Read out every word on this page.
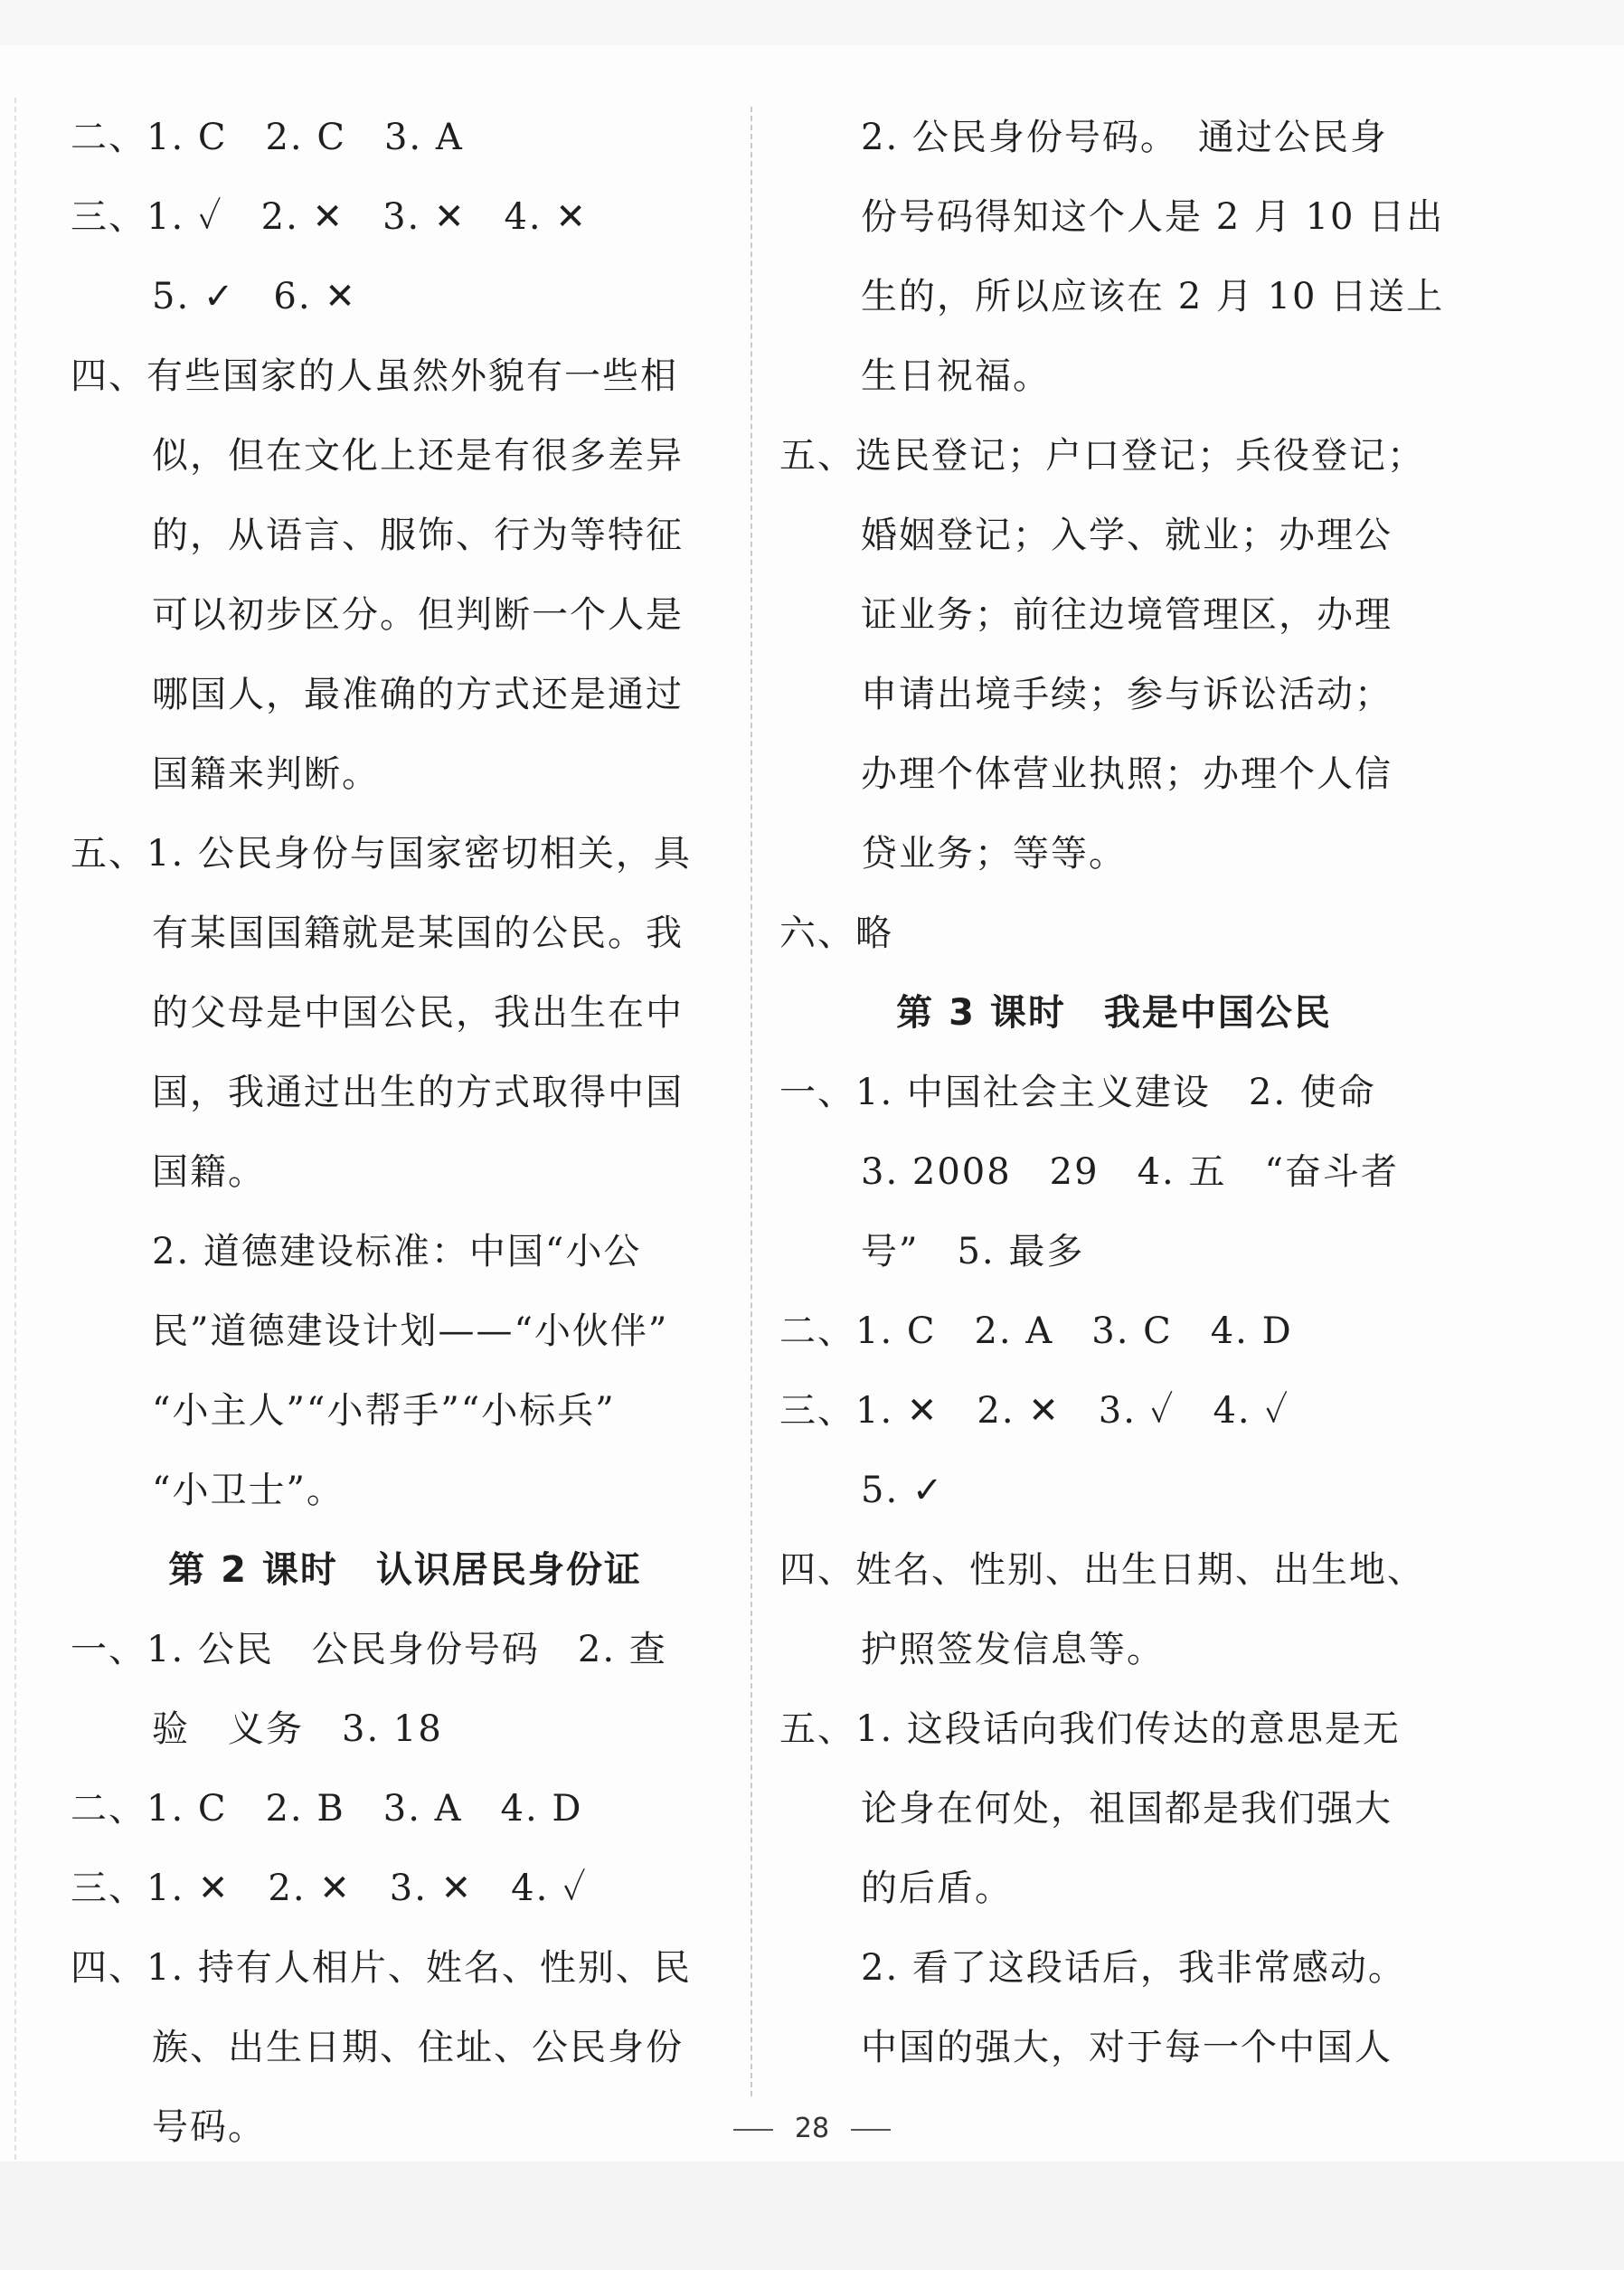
二、1. C　2. C　3. A
三、1. ✓　2. ✕　3. ✕　4. ✕
5. ✓　6. ✕
四、有些国家的人虽然外貌有一些相
似，但在文化上还是有很多差异
的，从语言、服饰、行为等特征
可以初步区分。但判断一个人是
哪国人，最准确的方式还是通过
国籍来判断。
五、1. 公民身份与国家密切相关，具
有某国国籍就是某国的公民。我
的父母是中国公民，我出生在中
国，我通过出生的方式取得中国
国籍。
2. 道德建设标准：中国“小公
民”道德建设计划——“小伙伴”
“小主人”“小帮手”“小标兵”
“小卫士”。
第 2 课时　认识居民身份证
一、1. 公民　公民身份号码　2. 查
验　义务　3. 18
二、1. C　2. B　3. A　4. D
三、1. ✕　2. ✕　3. ✕　4. ✓
四、1. 持有人相片、姓名、性别、民
族、出生日期、住址、公民身份
号码。
2. 公民身份号码。　通过公民身
份号码得知这个人是 2 月 10 日出
生的，所以应该在 2 月 10 日送上
生日祝福。
五、选民登记；户口登记；兵役登记；
婚姻登记；入学、就业；办理公
证业务；前往边境管理区，办理
申请出境手续；参与诉讼活动；
办理个体营业执照；办理个人信
贷业务；等等。
六、略
第 3 课时　我是中国公民
一、1. 中国社会主义建设　2. 使命
3. 2008　29　4. 五　“奋斗者
号”　5. 最多
二、1. C　2. A　3. C　4. D
三、1. ✕　2. ✕　3. ✓　4. ✓
5. ✓
四、姓名、性别、出生日期、出生地、
护照签发信息等。
五、1. 这段话向我们传达的意思是无
论身在何处，祖国都是我们强大
的后盾。
2. 看了这段话后，我非常感动。
中国的强大，对于每一个中国人
28
